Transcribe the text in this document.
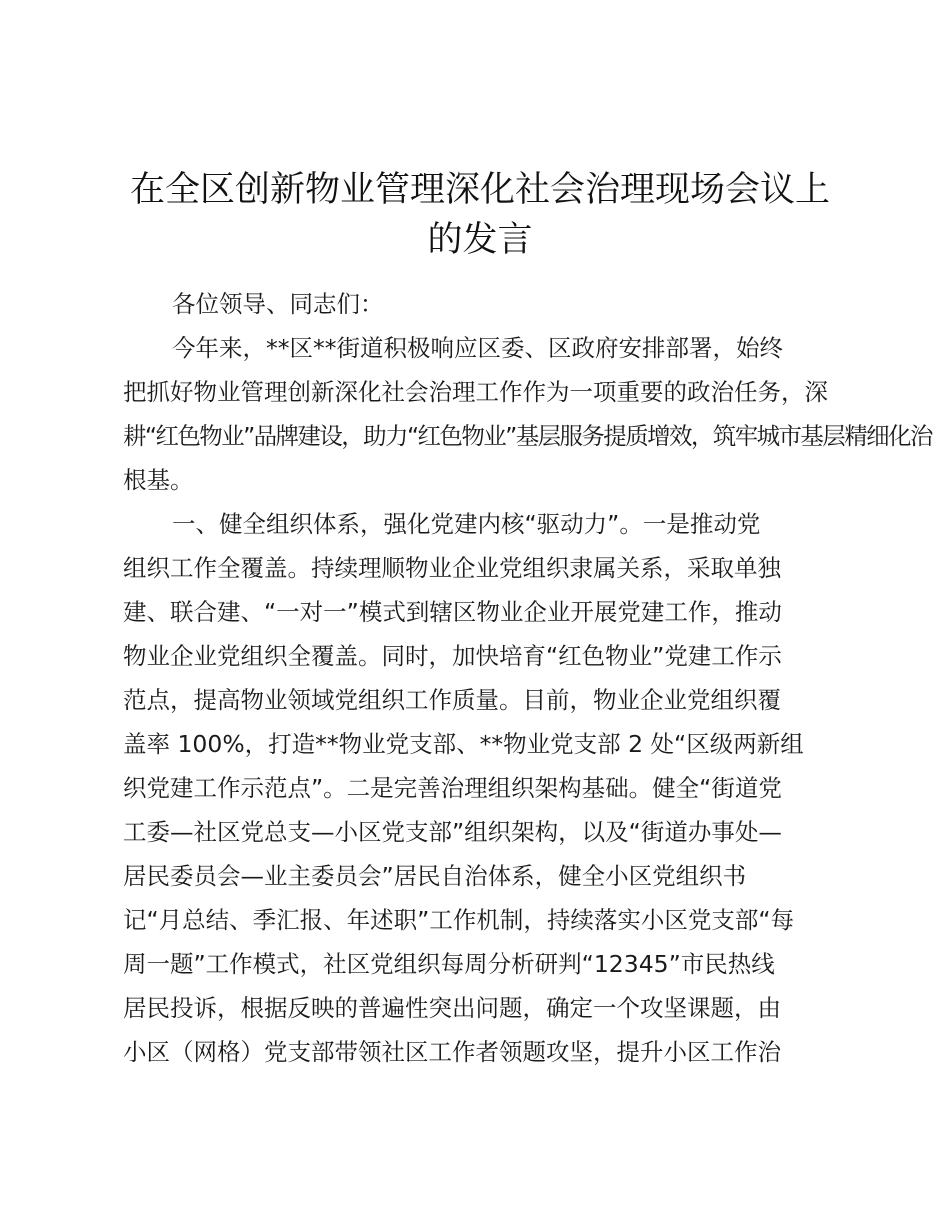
在全区创新物业管理深化社会治理现场会议上
的发言
各位领导、同志们：
今年来，**区**街道积极响应区委、区政府安排部署，始终
把抓好物业管理创新深化社会治理工作作为一项重要的政治任务，深
耕“红色物业”品牌建设，助力“红色物业”基层服务提质增效，筑牢城市基层精细化治
根基。
一、健全组织体系，强化党建内核“驱动力”。一是推动党
组织工作全覆盖。持续理顺物业企业党组织隶属关系，采取单独
建、联合建、“一对一”模式到辖区物业企业开展党建工作，推动
物业企业党组织全覆盖。同时，加快培育“红色物业”党建工作示
范点，提高物业领域党组织工作质量。目前，物业企业党组织覆
盖率 100%，打造**物业党支部、**物业党支部 2 处“区级两新组
织党建工作示范点”。二是完善治理组织架构基础。健全“街道党
工委—社区党总支—小区党支部”组织架构，以及“街道办事处—
居民委员会—业主委员会”居民自治体系，健全小区党组织书
记“月总结、季汇报、年述职”工作机制，持续落实小区党支部“每
周一题”工作模式，社区党组织每周分析研判“12345”市民热线
居民投诉，根据反映的普遍性突出问题，确定一个攻坚课题，由
小区（网格）党支部带领社区工作者领题攻坚，提升小区工作治
